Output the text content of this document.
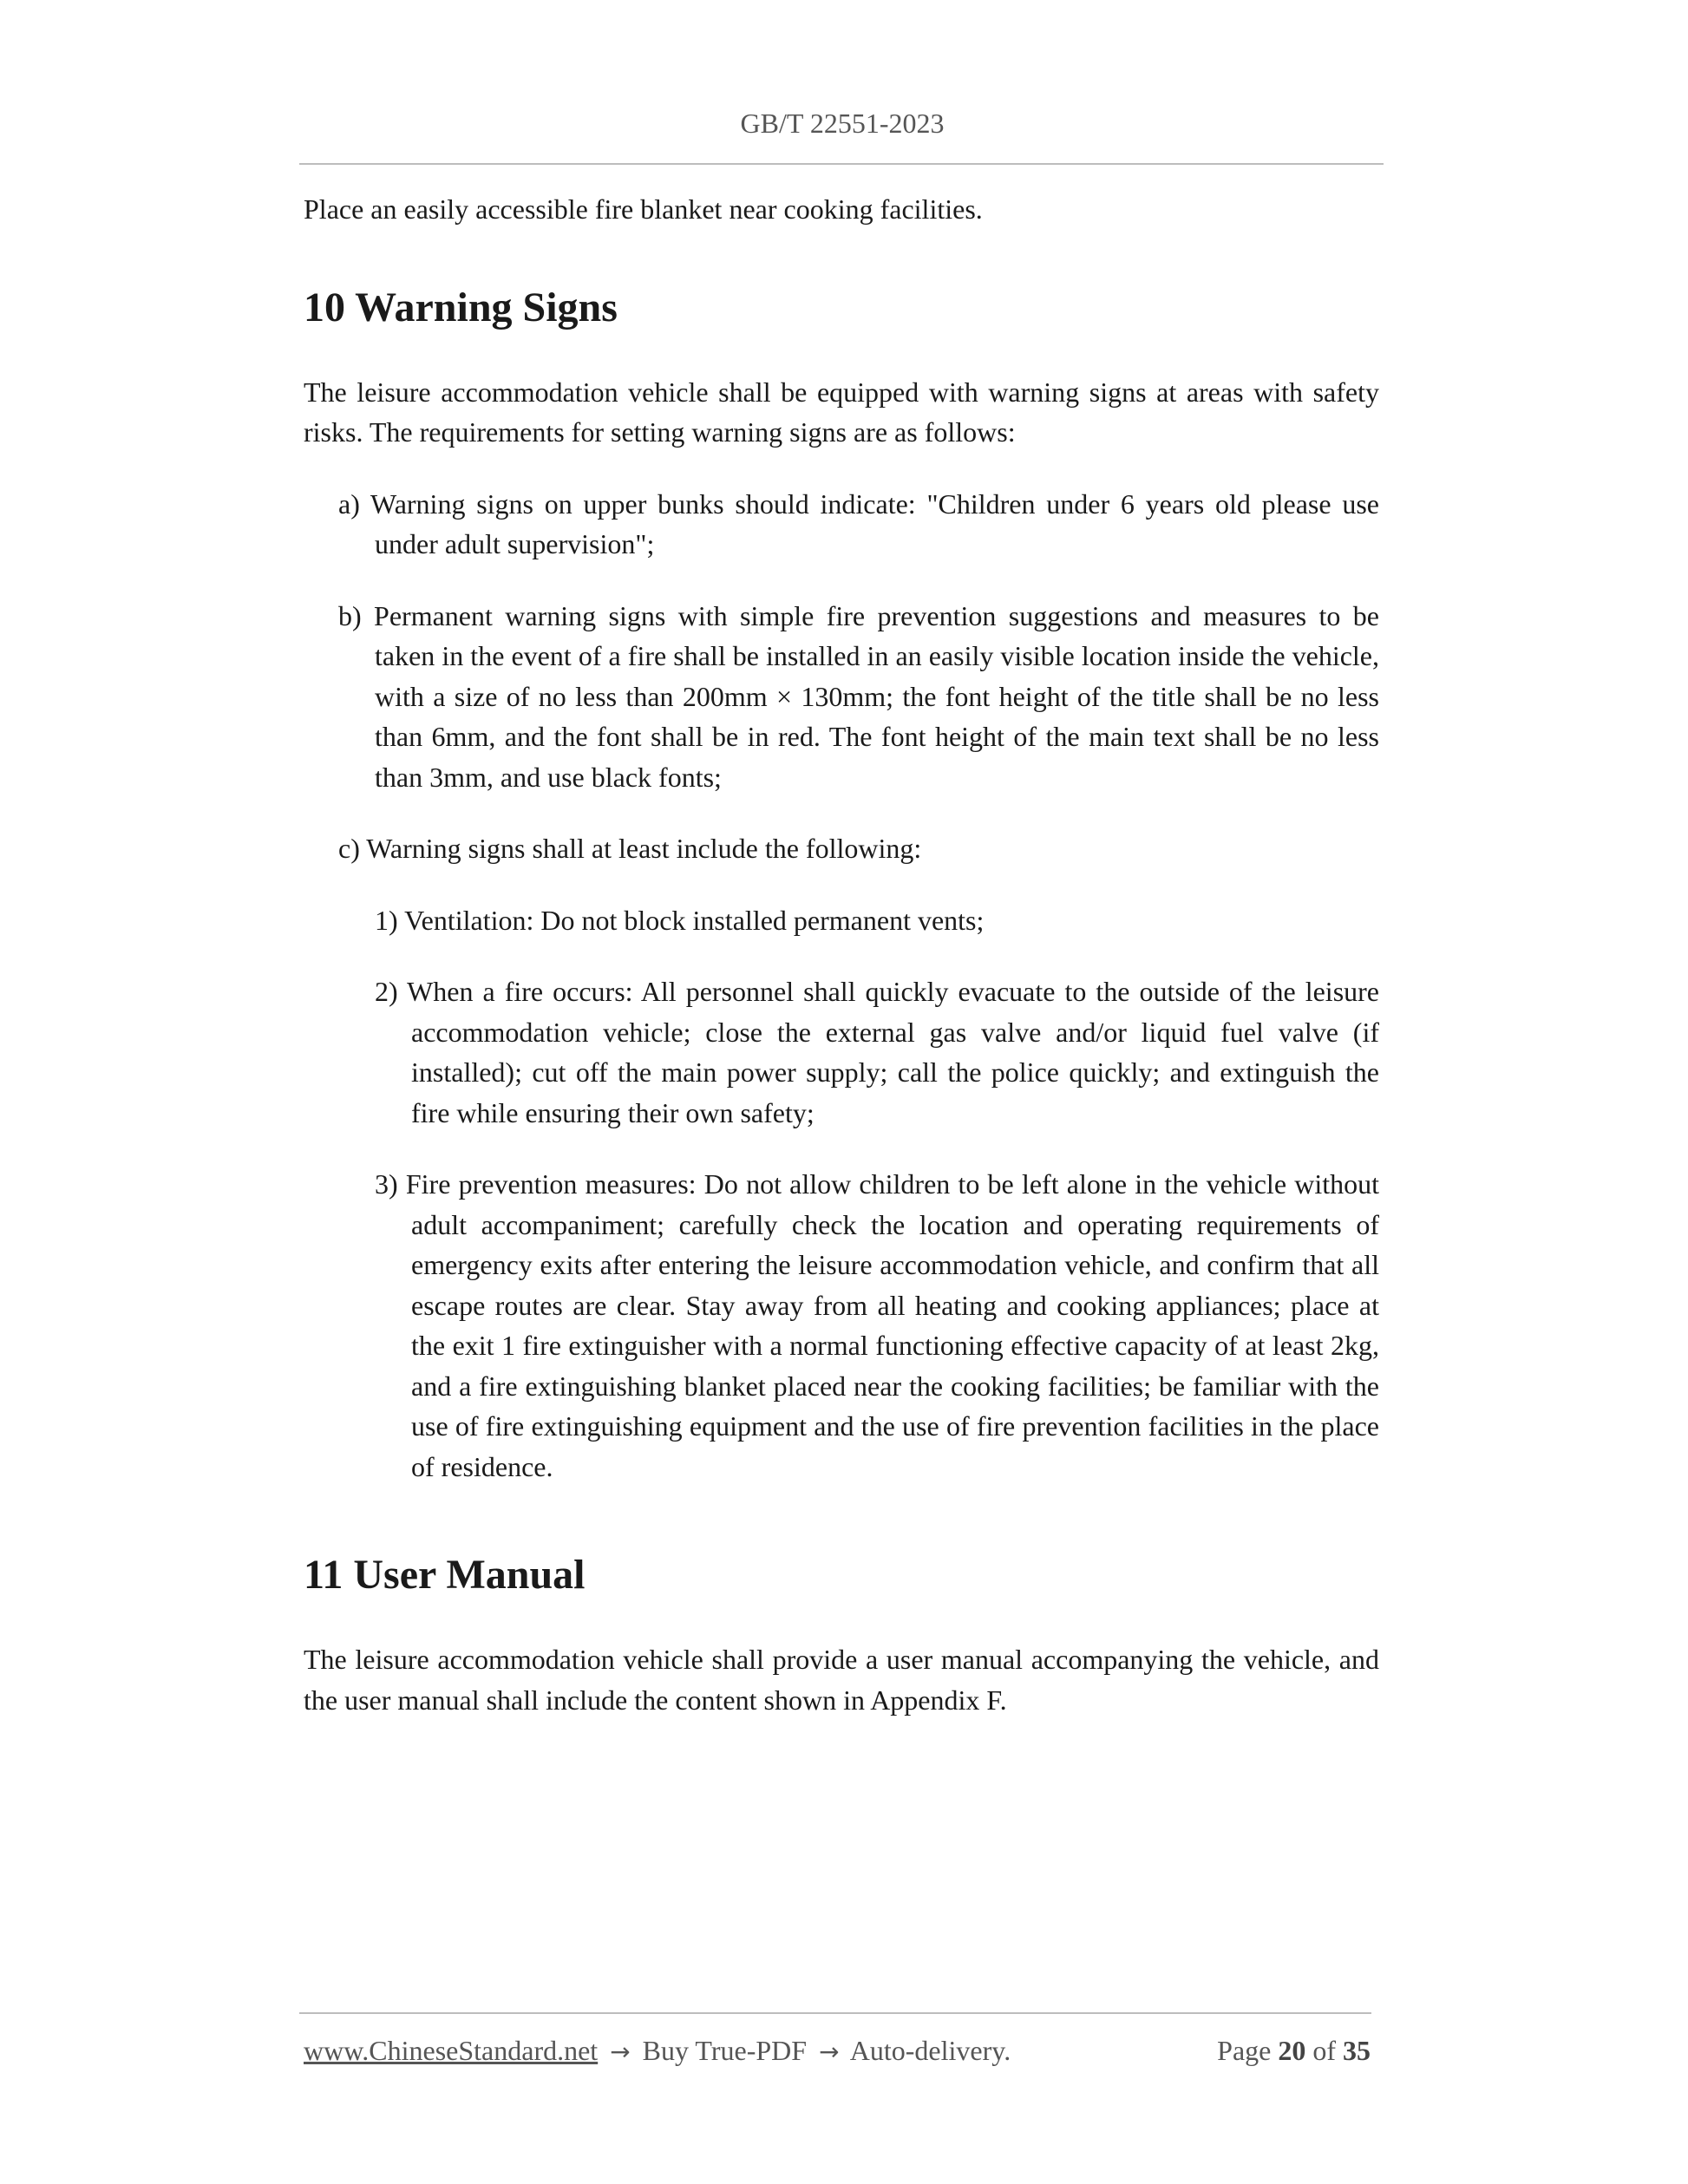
GB/T 22551-2023

Place an easily accessible fire blanket near cooking facilities.

10 Warning Signs

The leisure accommodation vehicle shall be equipped with warning signs at areas with safety risks. The requirements for setting warning signs are as follows:

a) Warning signs on upper bunks should indicate: "Children under 6 years old please use under adult supervision";

b) Permanent warning signs with simple fire prevention suggestions and measures to be taken in the event of a fire shall be installed in an easily visible location inside the vehicle, with a size of no less than 200mm × 130mm; the font height of the title shall be no less than 6mm, and the font shall be in red. The font height of the main text shall be no less than 3mm, and use black fonts;

c) Warning signs shall at least include the following:

1) Ventilation: Do not block installed permanent vents;

2) When a fire occurs: All personnel shall quickly evacuate to the outside of the leisure accommodation vehicle; close the external gas valve and/or liquid fuel valve (if installed); cut off the main power supply; call the police quickly; and extinguish the fire while ensuring their own safety;

3) Fire prevention measures: Do not allow children to be left alone in the vehicle without adult accompaniment; carefully check the location and operating requirements of emergency exits after entering the leisure accommodation vehicle, and confirm that all escape routes are clear. Stay away from all heating and cooking appliances; place at the exit 1 fire extinguisher with a normal functioning effective capacity of at least 2kg, and a fire extinguishing blanket placed near the cooking facilities; be familiar with the use of fire extinguishing equipment and the use of fire prevention facilities in the place of residence.

11 User Manual

The leisure accommodation vehicle shall provide a user manual accompanying the vehicle, and the user manual shall include the content shown in Appendix F.

www.ChineseStandard.net → Buy True-PDF → Auto-delivery.	Page 20 of 35
